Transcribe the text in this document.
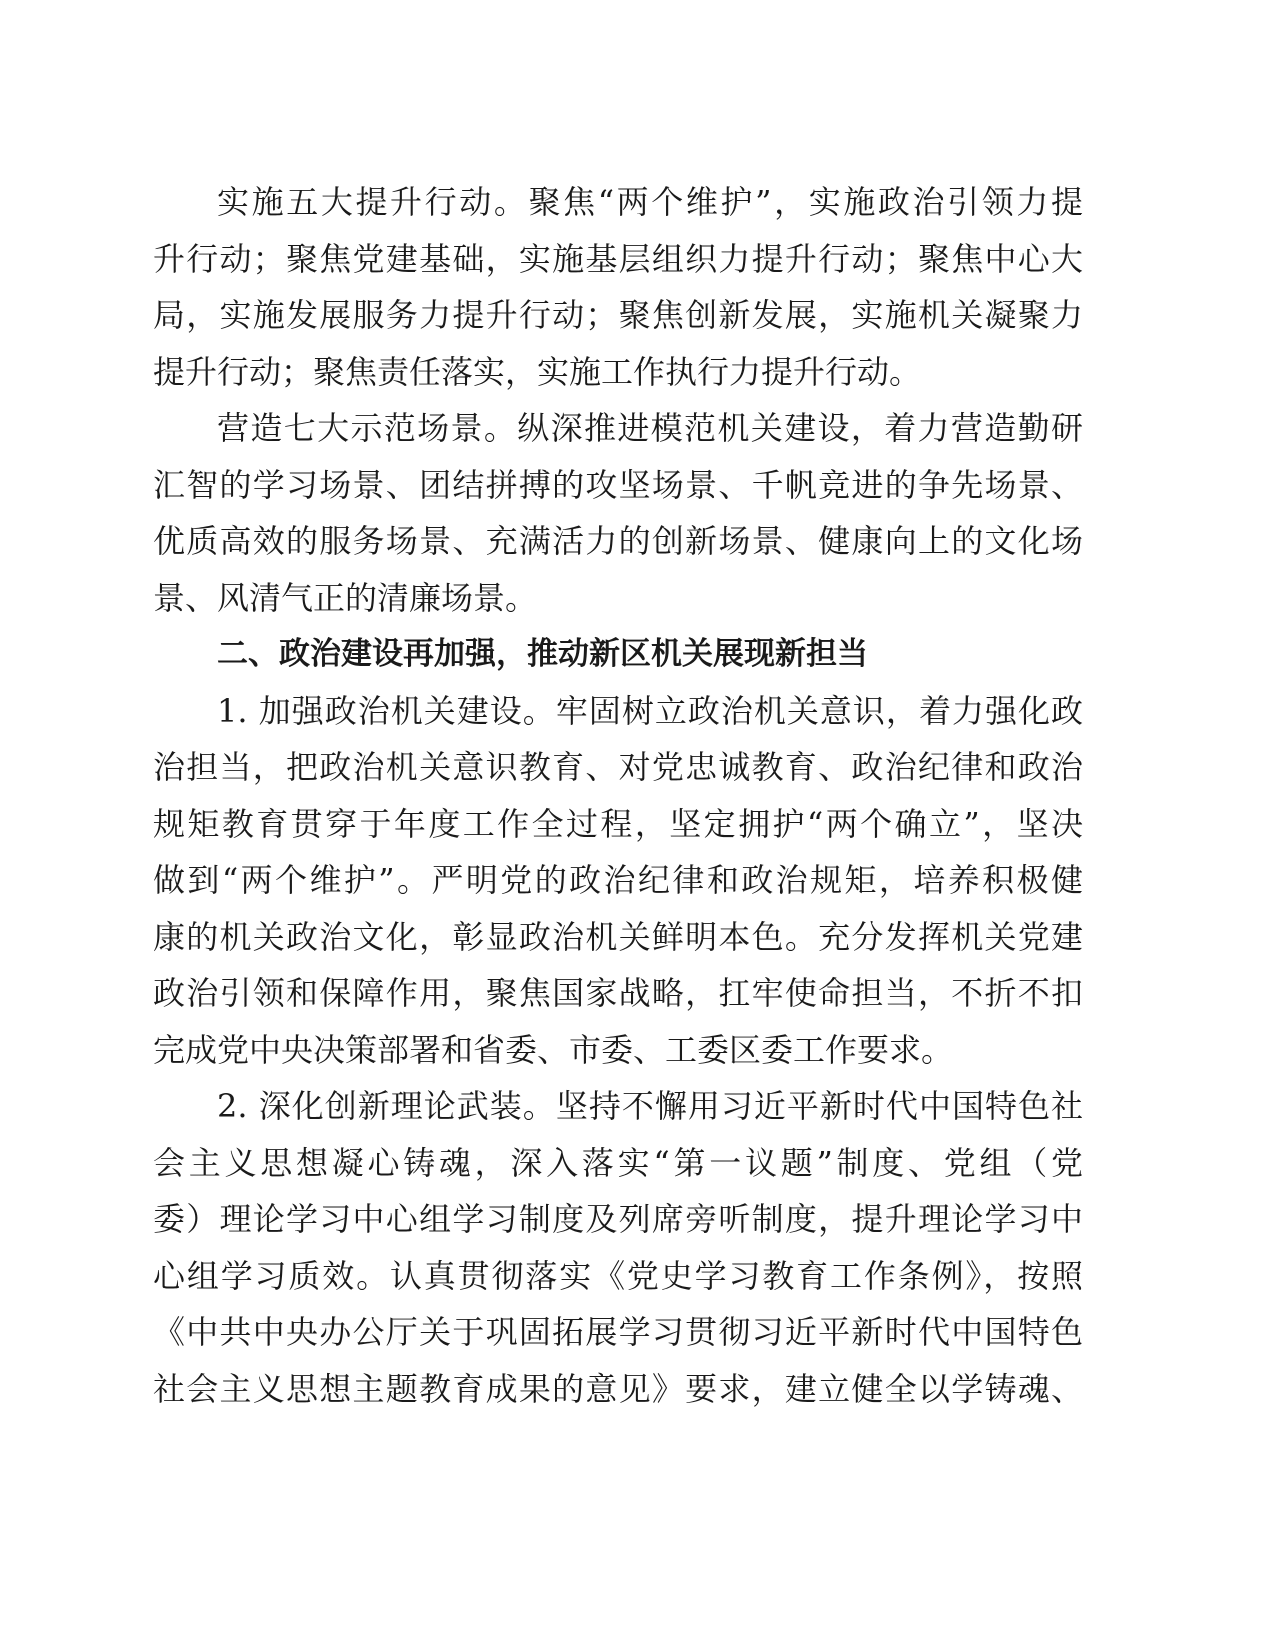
实施五大提升行动。聚焦“两个维护”，实施政治引领力提
升行动；聚焦党建基础，实施基层组织力提升行动；聚焦中心大
局，实施发展服务力提升行动；聚焦创新发展，实施机关凝聚力
提升行动；聚焦责任落实，实施工作执行力提升行动。
营造七大示范场景。纵深推进模范机关建设，着力营造勤研
汇智的学习场景、团结拼搏的攻坚场景、千帆竞进的争先场景、
优质高效的服务场景、充满活力的创新场景、健康向上的文化场
景、风清气正的清廉场景。
二、政治建设再加强，推动新区机关展现新担当
1. 加强政治机关建设。牢固树立政治机关意识，着力强化政
治担当，把政治机关意识教育、对党忠诚教育、政治纪律和政治
规矩教育贯穿于年度工作全过程，坚定拥护“两个确立”，坚决
做到“两个维护”。严明党的政治纪律和政治规矩，培养积极健
康的机关政治文化，彰显政治机关鲜明本色。充分发挥机关党建
政治引领和保障作用，聚焦国家战略，扛牢使命担当，不折不扣
完成党中央决策部署和省委、市委、工委区委工作要求。
2. 深化创新理论武装。坚持不懈用习近平新时代中国特色社
会主义思想凝心铸魂，深入落实“第一议题”制度、党组（党
委）理论学习中心组学习制度及列席旁听制度，提升理论学习中
心组学习质效。认真贯彻落实《党史学习教育工作条例》，按照
《中共中央办公厅关于巩固拓展学习贯彻习近平新时代中国特色
社会主义思想主题教育成果的意见》要求，建立健全以学铸魂、
